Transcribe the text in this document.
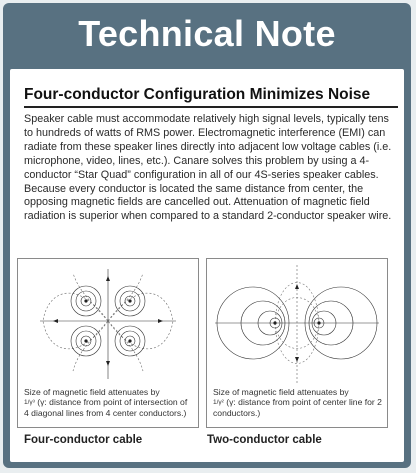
Technical Note
Four-conductor Configuration Minimizes Noise

Speaker cable must accommodate relatively high signal levels, typically tens to hundreds of watts of RMS power. Electromagnetic interference (EMI) can radiate from these speaker lines directly into adjacent low voltage cables (i.e. microphone, video, lines, etc.). Canare solves this problem by using a 4-conductor “Star Quad” configuration in all of our 4S-series speaker cables. Because every conductor is located the same distance from center, the opposing magnetic fields are cancelled out. Attenuation of magnetic field radiation is superior when compared to a standard 2-conductor speaker wire.

Size of magnetic field attenuates by
1/γ³ (γ: distance from point of intersection of 4 diagonal lines from 4 center conductors.)
Size of magnetic field attenuates by
1/γ² (γ: distance from point of center line for 2 conductors.)
Four-conductor cable	Two-conductor cable
